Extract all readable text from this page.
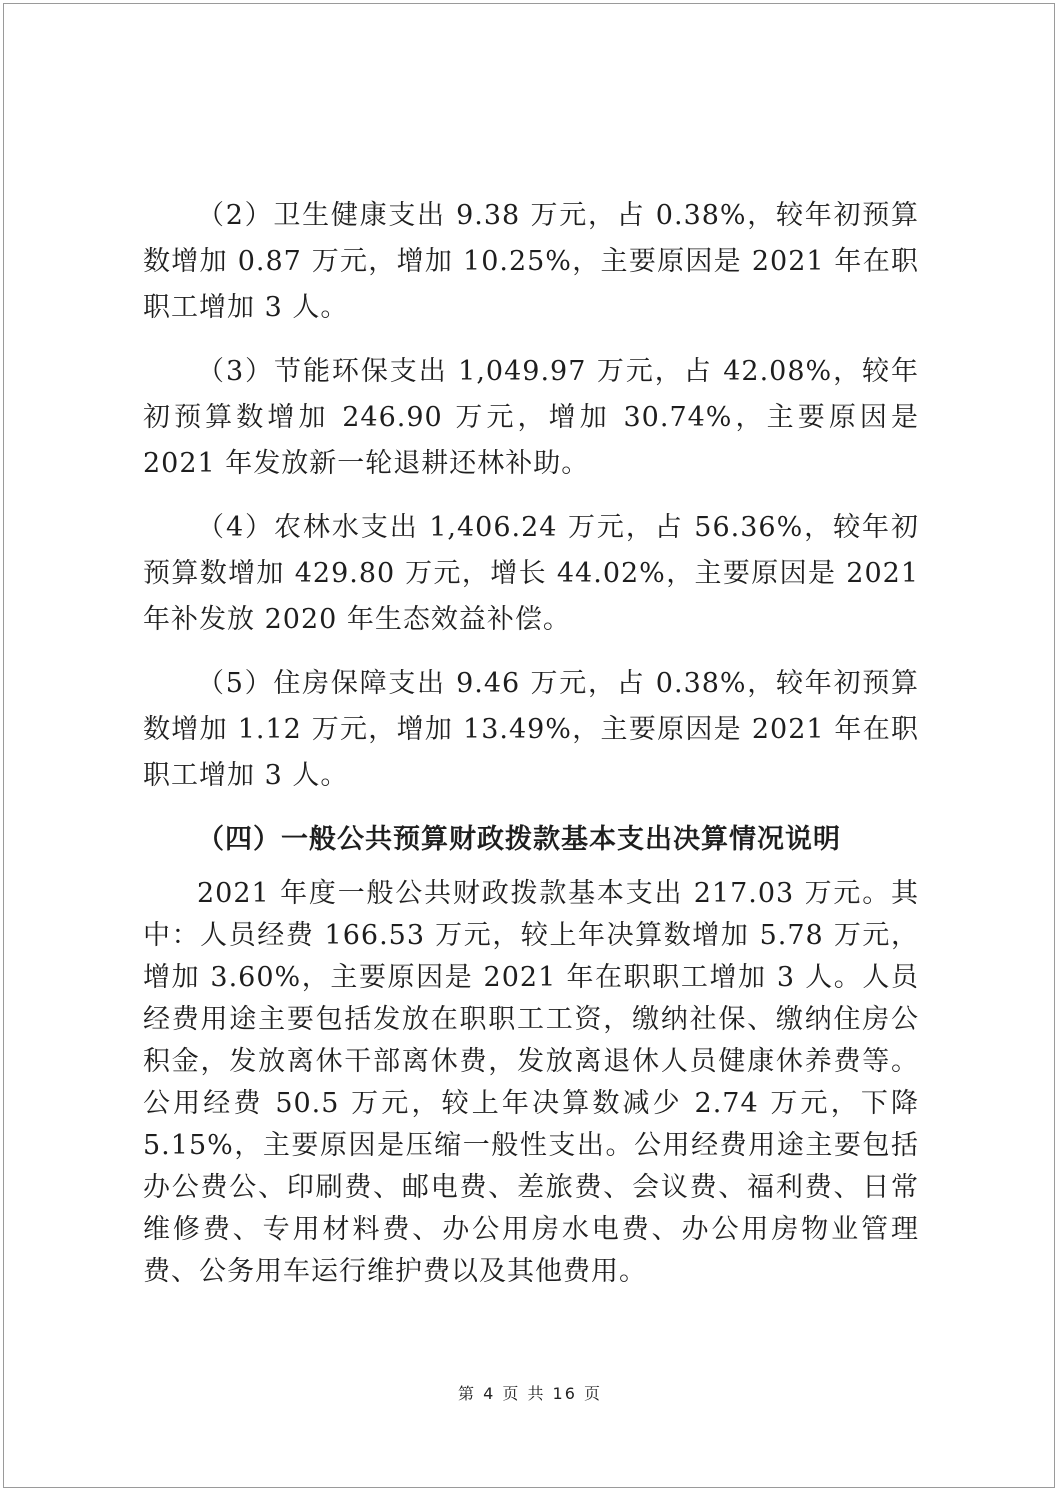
（2）卫生健康支出 9.38 万元，占 0.38%，较年初预算数增加 0.87 万元，增加 10.25%，主要原因是 2021 年在职职工增加 3 人。

（3）节能环保支出 1,049.97 万元，占 42.08%，较年初预算数增加 246.90 万元，增加 30.74%，主要原因是 2021 年发放新一轮退耕还林补助。

（4）农林水支出 1,406.24 万元，占 56.36%，较年初预算数增加 429.80 万元，增长 44.02%，主要原因是 2021 年补发放 2020 年生态效益补偿。

（5）住房保障支出 9.46 万元，占 0.38%，较年初预算数增加 1.12 万元，增加 13.49%，主要原因是 2021 年在职职工增加 3 人。

（四）一般公共预算财政拨款基本支出决算情况说明

2021 年度一般公共财政拨款基本支出 217.03 万元。其中：人员经费 166.53 万元，较上年决算数增加 5.78 万元，增加 3.60%，主要原因是 2021 年在职职工增加 3 人。人员经费用途主要包括发放在职职工工资，缴纳社保、缴纳住房公积金，发放离休干部离休费，发放离退休人员健康休养费等。公用经费 50.5 万元，较上年决算数减少 2.74 万元，下降 5.15%，主要原因是压缩一般性支出。公用经费用途主要包括办公费公、印刷费、邮电费、差旅费、会议费、福利费、日常维修费、专用材料费、办公用房水电费、办公用房物业管理费、公务用车运行维护费以及其他费用。

第 4 页 共 16 页
